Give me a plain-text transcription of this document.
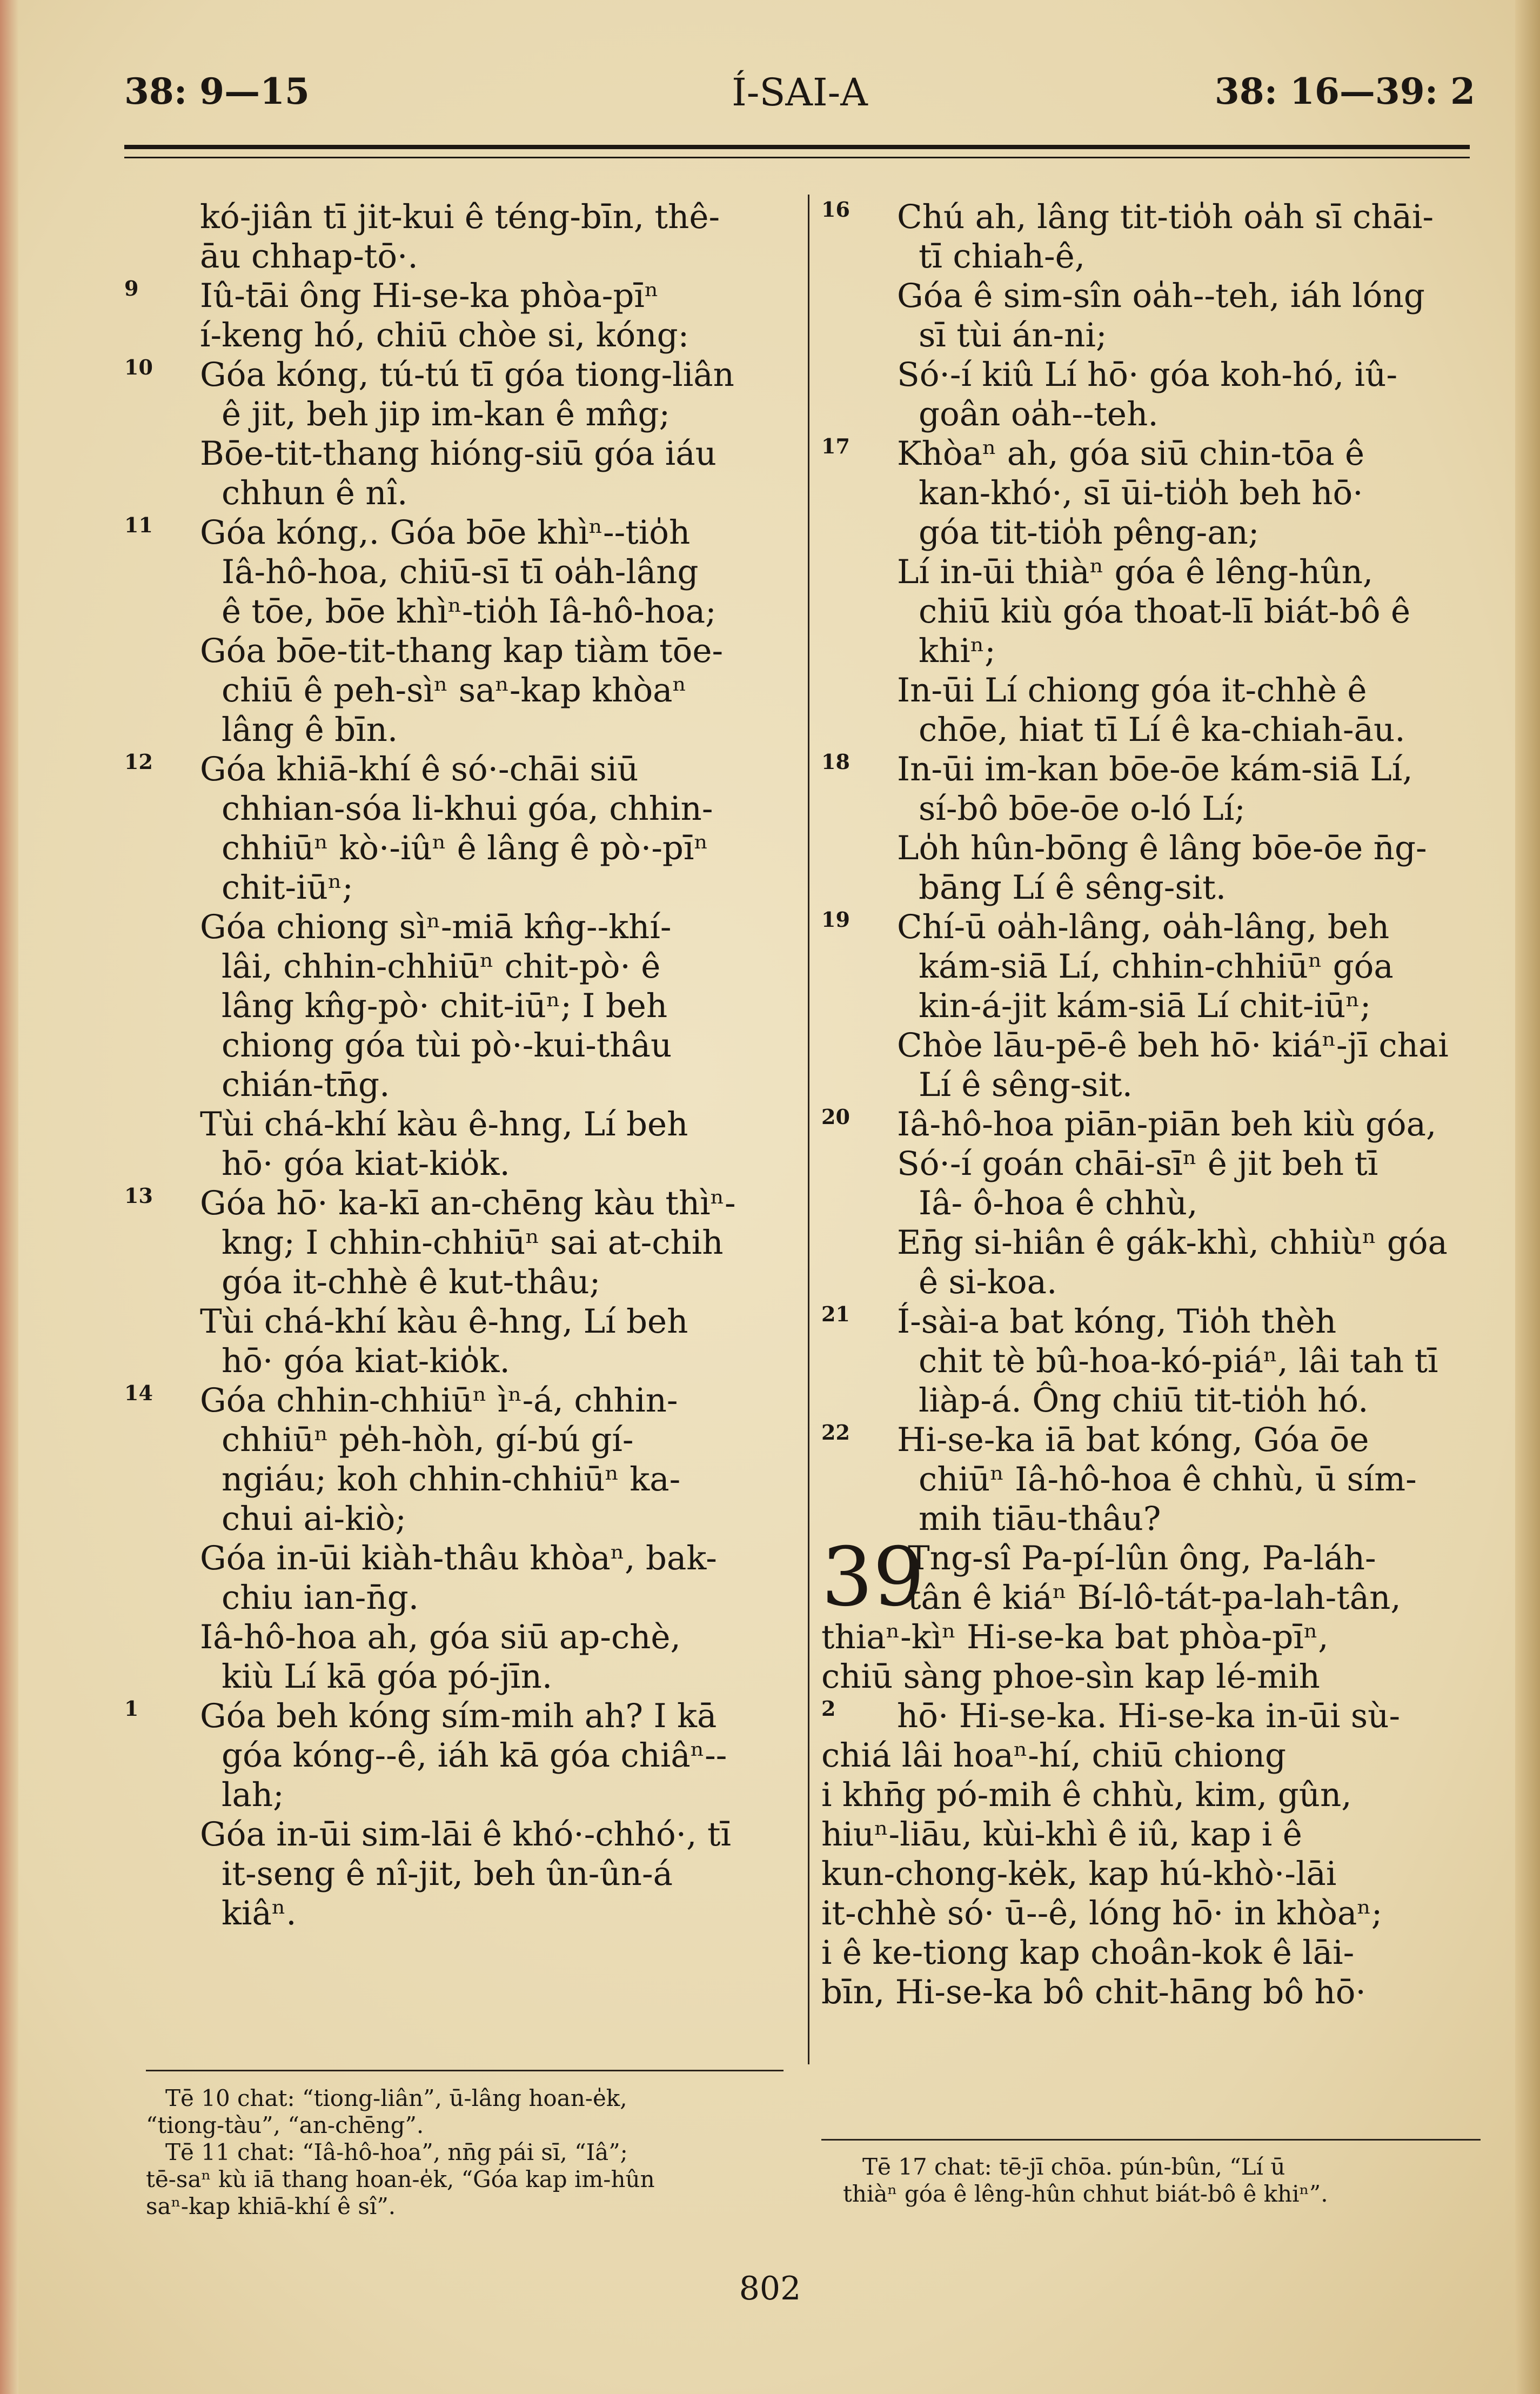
Í-SAI-A
38: 9—15	38: 16—39: 2
kó-jiân tī jit-kui ê téng-bīn, thê-
āu chhap-tō·.
9 Iû-tāi ông Hi-se-ka phòa-pīⁿ
í-keng hó, chiū chòe si, kóng:
10 Góa kóng, tú-tú tī góa tiong-liân
ê jit, beh jip im-kan ê mn̂g;
Bōe-tit-thang hióng-siū góa iáu
chhun ê nî.
11 Góa kóng,. Góa bōe khìⁿ--tio̍h
Iâ-hô-hoa, chiū-sī tī oa̍h-lâng
ê tōe, bōe khìⁿ-tio̍h Iâ-hô-hoa;
Góa bōe-tit-thang kap tiàm tōe-
chiū ê peh-sìⁿ saⁿ-kap khòaⁿ
lâng ê bīn.
12 Góa khiā-khí ê só·-chāi siū
chhian-sóa li-khui góa, chhin-
chhiūⁿ kò·-iûⁿ ê lâng ê pò·-pīⁿ
chit-iūⁿ;
Góa chiong sìⁿ-miā kn̂g--khí-
lâi, chhin-chhiūⁿ chit-pò· ê
lâng kn̂g-pò· chit-iūⁿ; I beh
chiong góa tùi pò·-kui-thâu
chián-tn̄g.
Tùi chá-khí kàu ê-hng, Lí beh
hō· góa kiat-kio̍k.
13 Góa hō· ka-kī an-chēng kàu thìⁿ-
kng; I chhin-chhiūⁿ sai at-chih
góa it-chhè ê kut-thâu;
Tùi chá-khí kàu ê-hng, Lí beh
hō· góa kiat-kio̍k.
14 Góa chhin-chhiūⁿ ìⁿ-á, chhin-
chhiūⁿ pe̍h-hòh, gí-bú gí-
ngiáu; koh chhin-chhiūⁿ ka-
chui ai-kiò;
Góa in-ūi kiàh-thâu khòaⁿ, bak-
chiu ian-n̄g.
Iâ-hô-hoa ah, góa siū ap-chè,
kiù Lí kā góa pó-jīn.
1 Góa beh kóng sím-mih ah? I kā
góa kóng--ê, iáh kā góa chiâⁿ--
lah;
Góa in-ūi sim-lāi ê khó·-chhó·, tī
it-seng ê nî-jit, beh ûn-ûn-á
kiâⁿ.
16 Chú ah, lâng tit-tio̍h oa̍h sī chāi-
tī chiah-ê,
Góa ê sim-sîn oa̍h--teh, iáh lóng
sī tùi án-ni;
Só·-í kiû Lí hō· góa koh-hó, iû-
goân oa̍h--teh.
17 Khòaⁿ ah, góa siū chin-tōa ê
kan-khó·, sī ūi-tio̍h beh hō·
góa tit-tio̍h pêng-an;
Lí in-ūi thiàⁿ góa ê lêng-hûn,
chiū kiù góa thoat-lī biát-bô ê
khiⁿ;
In-ūi Lí chiong góa it-chhè ê
chōe, hiat tī Lí ê ka-chiah-āu.
18 In-ūi im-kan bōe-ōe kám-siā Lí,
sí-bô bōe-ōe o-ló Lí;
Lo̍h hûn-bōng ê lâng bōe-ōe n̄g-
bāng Lí ê sêng-sit.
19 Chí-ū oa̍h-lâng, oa̍h-lâng, beh
kám-siā Lí, chhin-chhiūⁿ góa
kin-á-jit kám-siā Lí chit-iūⁿ;
Chòe lāu-pē-ê beh hō· kiáⁿ-jī chai
Lí ê sêng-sit.
20 Iâ-hô-hoa piān-piān beh kiù góa,
Só·-í goán chāi-sīⁿ ê jit beh tī
Iâ- ô-hoa ê chhù,
En̄g si-hiân ê gák-khì, chhiùⁿ góa
ê si-koa.
21 Í-sài-a bat kóng, Tio̍h thèh
chit tè bû-hoa-kó-piáⁿ, lâi tah tī
liàp-á. Ông chiū tit-tio̍h hó.
22 Hi-se-ka iā bat kóng, Góa ōe
chiūⁿ Iâ-hô-hoa ê chhù, ū sím-
mih tiāu-thâu?
39
Tng-sî Pa-pí-lûn ông, Pa-láh-
tân ê kiáⁿ Bí-lô-tát-pa-lah-tân,
thiaⁿ-kìⁿ Hi-se-ka bat phòa-pīⁿ,
chiū sàng phoe-sìn kap lé-mih
2 hō· Hi-se-ka. Hi-se-ka in-ūi sù-
chiá lâi hoaⁿ-hí, chiū chiong
i khn̄g pó-mih ê chhù, kim, gûn,
hiuⁿ-liāu, kùi-khì ê iû, kap i ê
kun-chong-kėk, kap hú-khò·-lāi
it-chhè só· ū--ê, lóng hō· in khòaⁿ;
i ê ke-tiong kap choân-kok ê lāi-
bīn, Hi-se-ka bô chit-hāng bô hō·
Tē 10 chat: “tiong-liân”, ū-lâng hoan-e̍k,
“tiong-tàu”, “an-chēng”.
Tē 11 chat: “Iâ-hô-hoa”, nn̄g pái sī, “Iâ”;
tē-saⁿ kù iā thang hoan-e̍k, “Góa kap im-hûn
saⁿ-kap khiā-khí ê sî”.
Tē 17 chat: tē-jī chōa. pún-bûn, “Lí ū
thiàⁿ góa ê lêng-hûn chhut biát-bô ê khiⁿ”.
802
